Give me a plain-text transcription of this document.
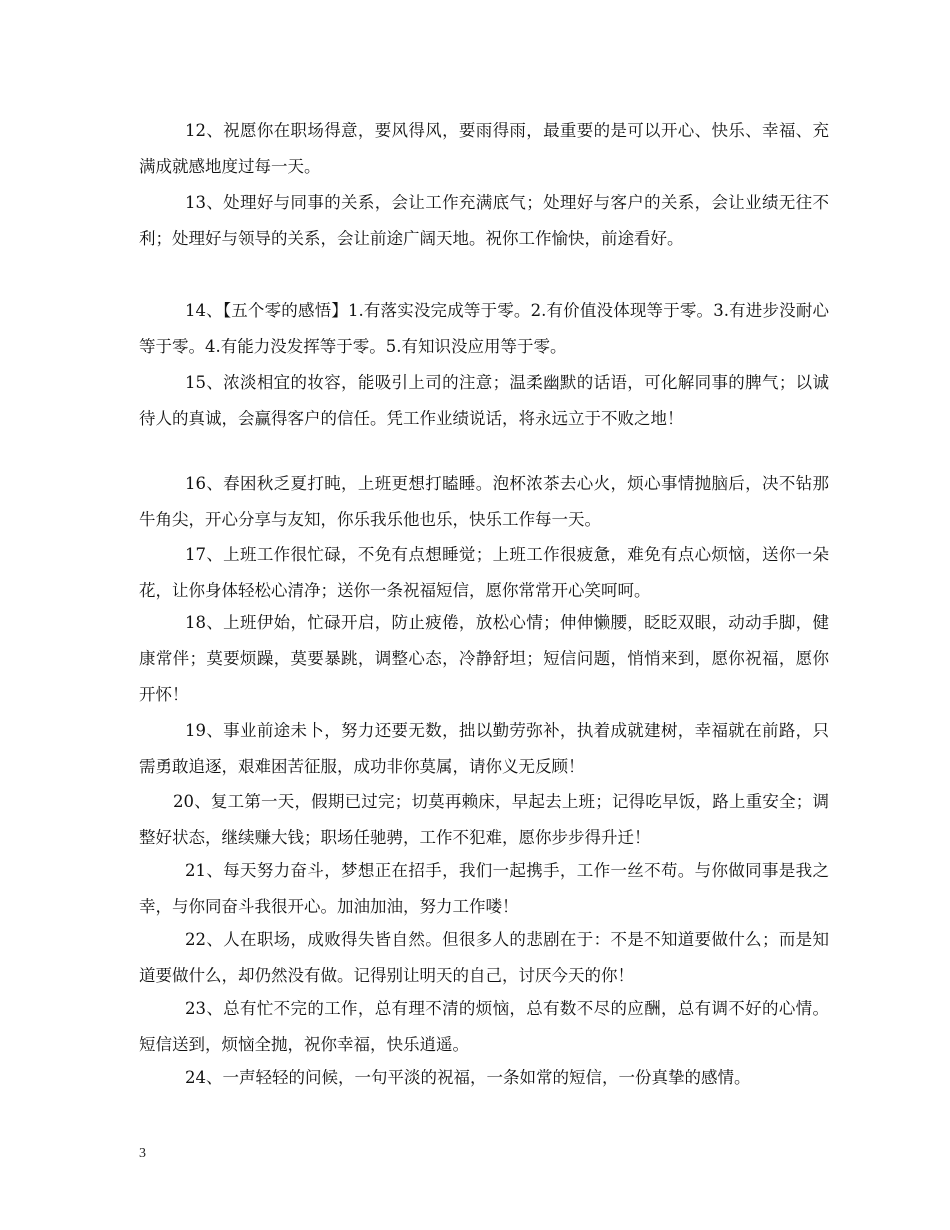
12、祝愿你在职场得意，要风得风，要雨得雨，最重要的是可以开心、快乐、幸福、充满成就感地度过每一天。

13、处理好与同事的关系，会让工作充满底气；处理好与客户的关系，会让业绩无往不利；处理好与领导的关系，会让前途广阔天地。祝你工作愉快，前途看好。

14、【五个零的感悟】1.有落实没完成等于零。2.有价值没体现等于零。3.有进步没耐心等于零。4.有能力没发挥等于零。5.有知识没应用等于零。

15、浓淡相宜的妆容，能吸引上司的注意；温柔幽默的话语，可化解同事的脾气；以诚待人的真诚，会赢得客户的信任。凭工作业绩说话，将永远立于不败之地！

16、春困秋乏夏打盹，上班更想打瞌睡。泡杯浓茶去心火，烦心事情抛脑后，决不钻那牛角尖，开心分享与友知，你乐我乐他也乐，快乐工作每一天。

17、上班工作很忙碌，不免有点想睡觉；上班工作很疲惫，难免有点心烦恼，送你一朵花，让你身体轻松心清净；送你一条祝福短信，愿你常常开心笑呵呵。

18、上班伊始，忙碌开启，防止疲倦，放松心情；伸伸懒腰，眨眨双眼，动动手脚，健康常伴；莫要烦躁，莫要暴跳，调整心态，冷静舒坦；短信问题，悄悄来到，愿你祝福，愿你开怀！

19、事业前途未卜，努力还要无数，拙以勤劳弥补，执着成就建树，幸福就在前路，只需勇敢追逐，艰难困苦征服，成功非你莫属，请你义无反顾！

20、复工第一天，假期已过完；切莫再赖床，早起去上班；记得吃早饭，路上重安全；调整好状态，继续赚大钱；职场任驰骋，工作不犯难，愿你步步得升迁！

21、每天努力奋斗，梦想正在招手，我们一起携手，工作一丝不苟。与你做同事是我之幸，与你同奋斗我很开心。加油加油，努力工作喽！

22、人在职场，成败得失皆自然。但很多人的悲剧在于：不是不知道要做什么；而是知道要做什么，却仍然没有做。记得别让明天的自己，讨厌今天的你！

23、总有忙不完的工作，总有理不清的烦恼，总有数不尽的应酬，总有调不好的心情。短信送到，烦恼全抛，祝你幸福，快乐逍遥。

24、一声轻轻的问候，一句平淡的祝福，一条如常的短信，一份真挚的感情。

3
